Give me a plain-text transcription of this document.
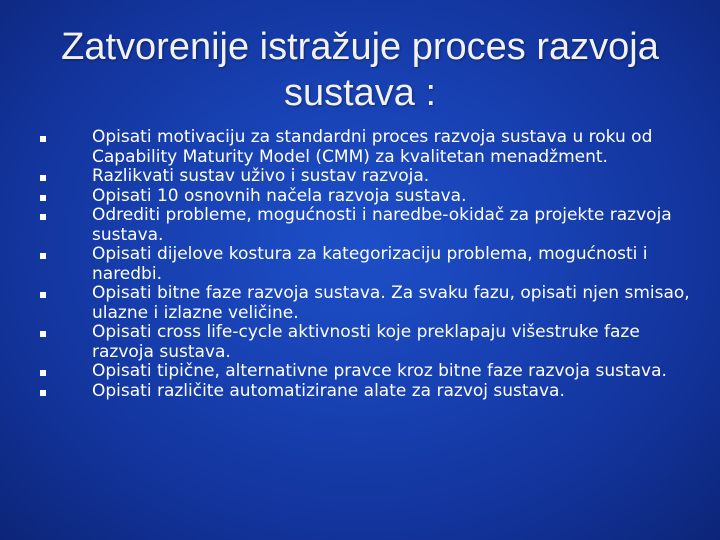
Zatvorenije istražuje proces razvoja sustava :
Opisati motivaciju za standardni proces razvoja sustava u roku od Capability Maturity Model (CMM) za kvalitetan menadžment.
Razlikvati sustav uživo i sustav razvoja.
Opisati 10 osnovnih načela razvoja sustava.
Odrediti probleme, mogućnosti i naredbe-okidač za projekte razvoja sustava.
Opisati dijelove kostura za kategorizaciju problema, mogućnosti i naredbi.
Opisati bitne faze razvoja sustava. Za svaku fazu, opisati njen smisao, ulazne i izlazne veličine.
Opisati cross life-cycle aktivnosti koje preklapaju višestruke faze razvoja sustava.
Opisati tipične, alternativne pravce kroz bitne faze razvoja sustava.
Opisati različite automatizirane alate za razvoj sustava.
